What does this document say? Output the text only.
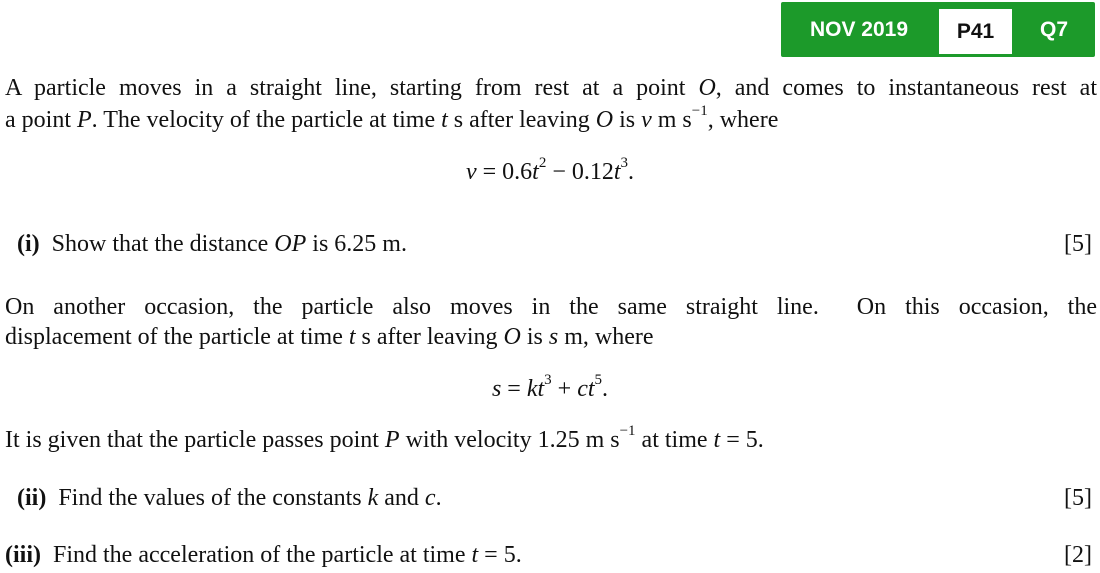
NOV 2019	P41	Q7
A particle moves in a straight line, starting from rest at a point O, and comes to instantaneous rest at
a point P. The velocity of the particle at time t s after leaving O is v m $s^{-1}$, where
$v = 0.6t^2 - 0.12t^3$.
(i)  Show that the distance OP is 6.25 m.	[5]
On another occasion, the particle also moves in the same straight line.  On this occasion, the
displacement of the particle at time t s after leaving O is s m, where
$s = kt^3 + ct^5$.
It is given that the particle passes point P with velocity 1.25 m $s^{-1}$ at time t = 5.
(ii)  Find the values of the constants k and c.	[5]
(iii)  Find the acceleration of the particle at time t = 5.	[2]
